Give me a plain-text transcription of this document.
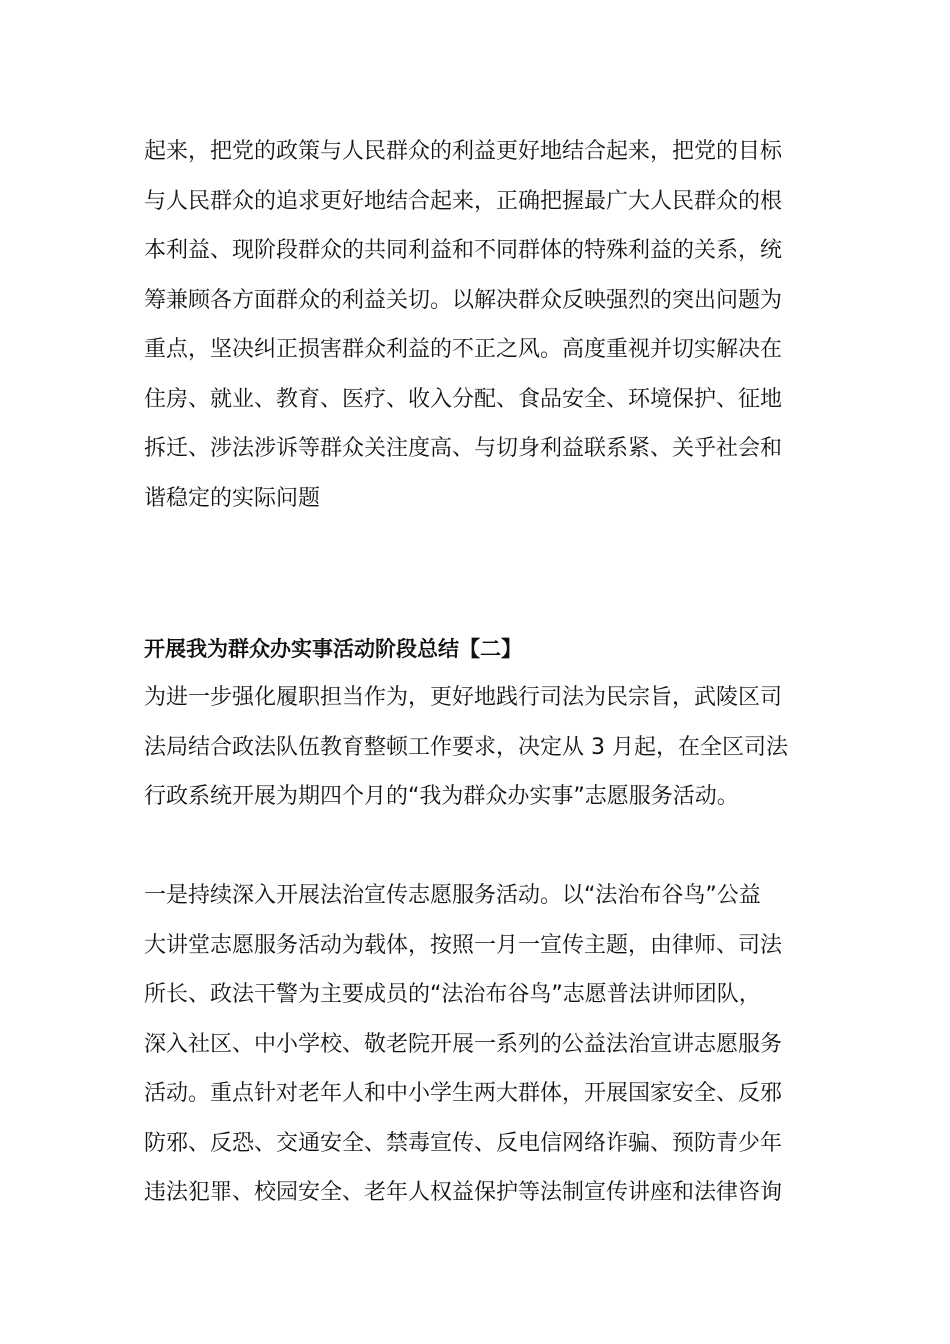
起来，把党的政策与人民群众的利益更好地结合起来，把党的目标
与人民群众的追求更好地结合起来，正确把握最广大人民群众的根
本利益、现阶段群众的共同利益和不同群体的特殊利益的关系，统
筹兼顾各方面群众的利益关切。以解决群众反映强烈的突出问题为
重点，坚决纠正损害群众利益的不正之风。高度重视并切实解决在
住房、就业、教育、医疗、收入分配、食品安全、环境保护、征地
拆迁、涉法涉诉等群众关注度高、与切身利益联系紧、关乎社会和
谐稳定的实际问题
开展我为群众办实事活动阶段总结【二】
为进一步强化履职担当作为，更好地践行司法为民宗旨，武陵区司
法局结合政法队伍教育整顿工作要求，决定从 3 月起，在全区司法
行政系统开展为期四个月的“我为群众办实事”志愿服务活动。
一是持续深入开展法治宣传志愿服务活动。以“法治布谷鸟”公益
大讲堂志愿服务活动为载体，按照一月一宣传主题，由律师、司法
所长、政法干警为主要成员的“法治布谷鸟”志愿普法讲师团队，
深入社区、中小学校、敬老院开展一系列的公益法治宣讲志愿服务
活动。重点针对老年人和中小学生两大群体，开展国家安全、反邪
防邪、反恐、交通安全、禁毒宣传、反电信网络诈骗、预防青少年
违法犯罪、校园安全、老年人权益保护等法制宣传讲座和法律咨询
